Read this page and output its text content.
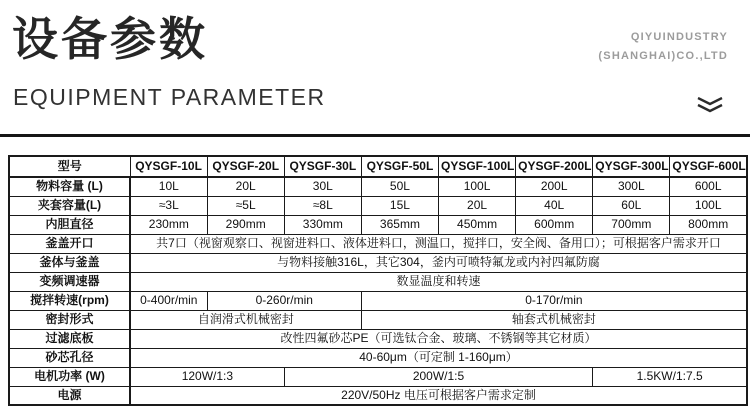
设备参数
EQUIPMENT PARAMETER
QIYUINDUSTRY
(SHANGHAI)CO.,LTD
型号	QYSGF-10L	QYSGF-20L	QYSGF-30L	QYSGF-50L	QYSGF-100L	QYSGF-200L	QYSGF-300L	QYSGF-600L
物料容量 (L)	10L	20L	30L	50L	100L	200L	300L	600L
夹套容量(L)	≈3L	≈5L	≈8L	15L	20L	40L	60L	100L
内胆直径	230mm	290mm	330mm	365mm	450mm	600mm	700mm	800mm
釜盖开口	共7口（视窗观察口、视窗进料口、液体进料口，测温口，搅拌口，安全阀、备用口）；可根据客户需求开口							
釜体与釜盖	与物料接触316L，其它304，釜内可喷特氟龙或内衬四氟防腐							
变频调速器	数显温度和转速							
搅拌转速(rpm)	0-400r/min	0-260r/min		0-170r/min				
密封形式	自润滑式机械密封			轴套式机械密封				
过滤底板	改性四氟砂芯PE（可选钛合金、玻璃、不锈钢等其它材质）							
砂芯孔径	40-60μm（可定制 1-160μm）							
电机功率 (W)	120W/1:3		200W/1:5				1.5KW/1:7.5	
电源	220V/50Hz 电压可根据客户需求定制							
